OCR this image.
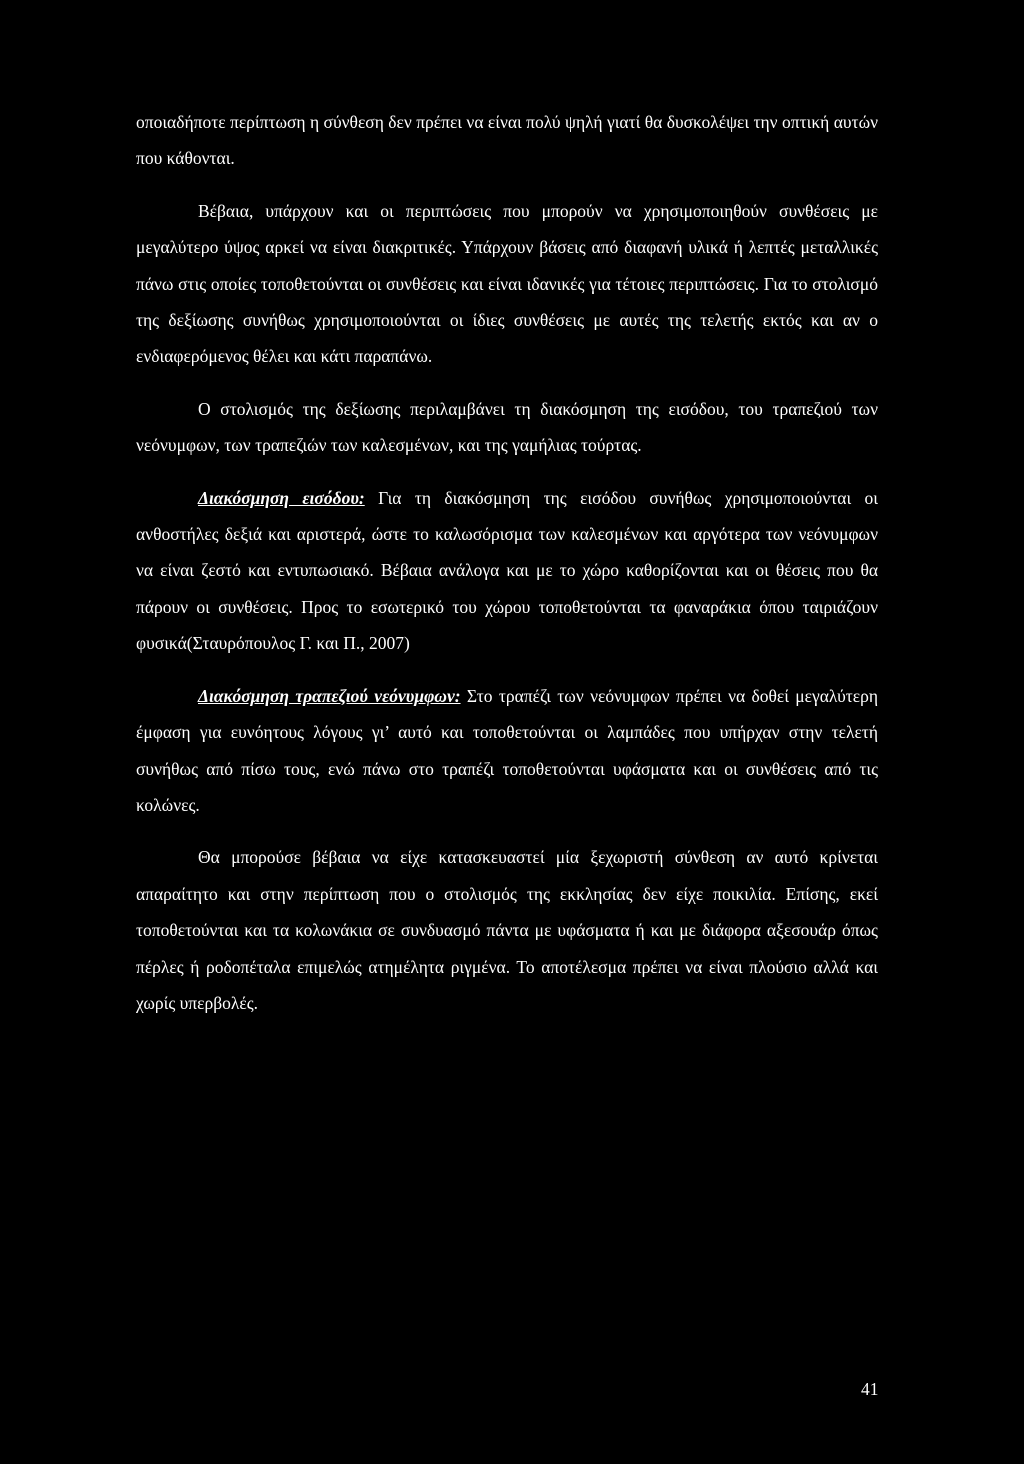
οποιαδήποτε περίπτωση η σύνθεση δεν πρέπει να είναι πολύ ψηλή γιατί θα δυσκολέψει την οπτική αυτών που κάθονται.

Βέβαια, υπάρχουν και οι περιπτώσεις που μπορούν να χρησιμοποιηθούν συνθέσεις με μεγαλύτερο ύψος αρκεί να είναι διακριτικές. Υπάρχουν βάσεις από διαφανή υλικά ή λεπτές μεταλλικές πάνω στις οποίες τοποθετούνται οι συνθέσεις και είναι ιδανικές για τέτοιες περιπτώσεις. Για το στολισμό της δεξίωσης συνήθως χρησιμοποιούνται οι ίδιες συνθέσεις με αυτές της τελετής εκτός και αν ο ενδιαφερόμενος θέλει και κάτι παραπάνω.

Ο στολισμός της δεξίωσης περιλαμβάνει τη διακόσμηση της εισόδου, του τραπεζιού των νεόνυμφων, των τραπεζιών των καλεσμένων, και της γαμήλιας τούρτας.

Διακόσμηση εισόδου: Για τη διακόσμηση της εισόδου συνήθως χρησιμοποιούνται οι ανθοστήλες δεξιά και αριστερά, ώστε το καλωσόρισμα των καλεσμένων και αργότερα των νεόνυμφων να είναι ζεστό και εντυπωσιακό. Βέβαια ανάλογα και με το χώρο καθορίζονται και οι θέσεις που θα πάρουν οι συνθέσεις. Προς το εσωτερικό του χώρου τοποθετούνται τα φαναράκια όπου ταιριάζουν φυσικά(Σταυρόπουλος Γ. και Π., 2007)

Διακόσμηση τραπεζιού νεόνυμφων: Στο τραπέζι των νεόνυμφων πρέπει να δοθεί μεγαλύτερη έμφαση για ευνόητους λόγους γι’ αυτό και τοποθετούνται οι λαμπάδες που υπήρχαν στην τελετή συνήθως από πίσω τους, ενώ πάνω στο τραπέζι τοποθετούνται υφάσματα και οι συνθέσεις από τις κολώνες.

Θα μπορούσε βέβαια να είχε κατασκευαστεί μία ξεχωριστή σύνθεση αν αυτό κρίνεται απαραίτητο και στην περίπτωση που ο στολισμός της εκκλησίας δεν είχε ποικιλία. Επίσης, εκεί τοποθετούνται και τα κολωνάκια σε συνδυασμό πάντα με υφάσματα ή και με διάφορα αξεσουάρ όπως πέρλες ή ροδοπέταλα επιμελώς ατημέλητα ριγμένα. Το αποτέλεσμα πρέπει να είναι πλούσιο αλλά και χωρίς υπερβολές.

41
